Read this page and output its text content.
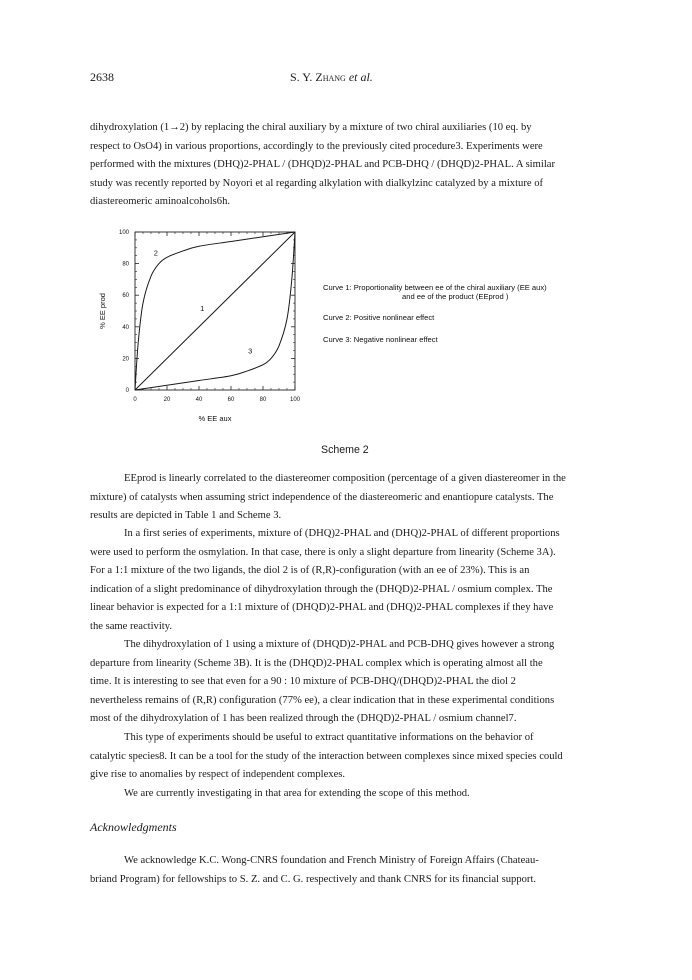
2638	S. Y. Zhang et al.
dihydroxylation (1→2) by replacing the chiral auxiliary by a mixture of two chiral auxiliaries (10 eq. by
respect to OsO4) in various proportions, accordingly to the previously cited procedure3. Experiments were
performed with the mixtures (DHQ)2-PHAL / (DHQD)2-PHAL and PCB-DHQ / (DHQD)2-PHAL. A similar
study was recently reported by Noyori et al regarding alkylation with dialkylzinc catalyzed by a mixture of
diastereomeric aminoalcohols6h.
0	20	40	60	80	100
0
20
40
60
80
100
1
2
3
% EE aux
% EE prod
Curve 1: Proportionality between ee of the chiral auxiliary (EE aux)
and ee of the product (EEprod )
Curve 2: Positive nonlinear effect
Curve 3: Negative nonlinear effect
Scheme 2
EEprod is linearly correlated to the diastereomer composition (percentage of a given diastereomer in the
mixture) of catalysts when assuming strict independence of the diastereomeric and enantiopure catalysts. The
results are depicted in Table 1 and Scheme 3.
In a first series of experiments, mixture of (DHQ)2-PHAL and (DHQ)2-PHAL of different proportions
were used to perform the osmylation. In that case, there is only a slight departure from linearity (Scheme 3A).
For a 1:1 mixture of the two ligands, the diol 2 is of (R,R)-configuration (with an ee of 23%). This is an
indication of a slight predominance of dihydroxylation through the (DHQD)2-PHAL / osmium complex. The
linear behavior is expected for a 1:1 mixture of (DHQD)2-PHAL and (DHQ)2-PHAL complexes if they have
the same reactivity.
The dihydroxylation of 1 using a mixture of (DHQD)2-PHAL and PCB-DHQ gives however a strong
departure from linearity (Scheme 3B). It is the (DHQD)2-PHAL complex which is operating almost all the
time. It is interesting to see that even for a 90 : 10 mixture of PCB-DHQ/(DHQD)2-PHAL the diol 2
nevertheless remains of (R,R) configuration (77% ee), a clear indication that in these experimental conditions
most of the dihydroxylation of 1 has been realized through the (DHQD)2-PHAL / osmium channel7.
This type of experiments should be useful to extract quantitative informations on the behavior of
catalytic species8. It can be a tool for the study of the interaction between complexes since mixed species could
give rise to anomalies by respect of independent complexes.
We are currently investigating in that area for extending the scope of this method.
Acknowledgments
We acknowledge K.C. Wong-CNRS foundation and French Ministry of Foreign Affairs (Chateau-
briand Program) for fellowships to S. Z. and C. G. respectively and thank CNRS for its financial support.
